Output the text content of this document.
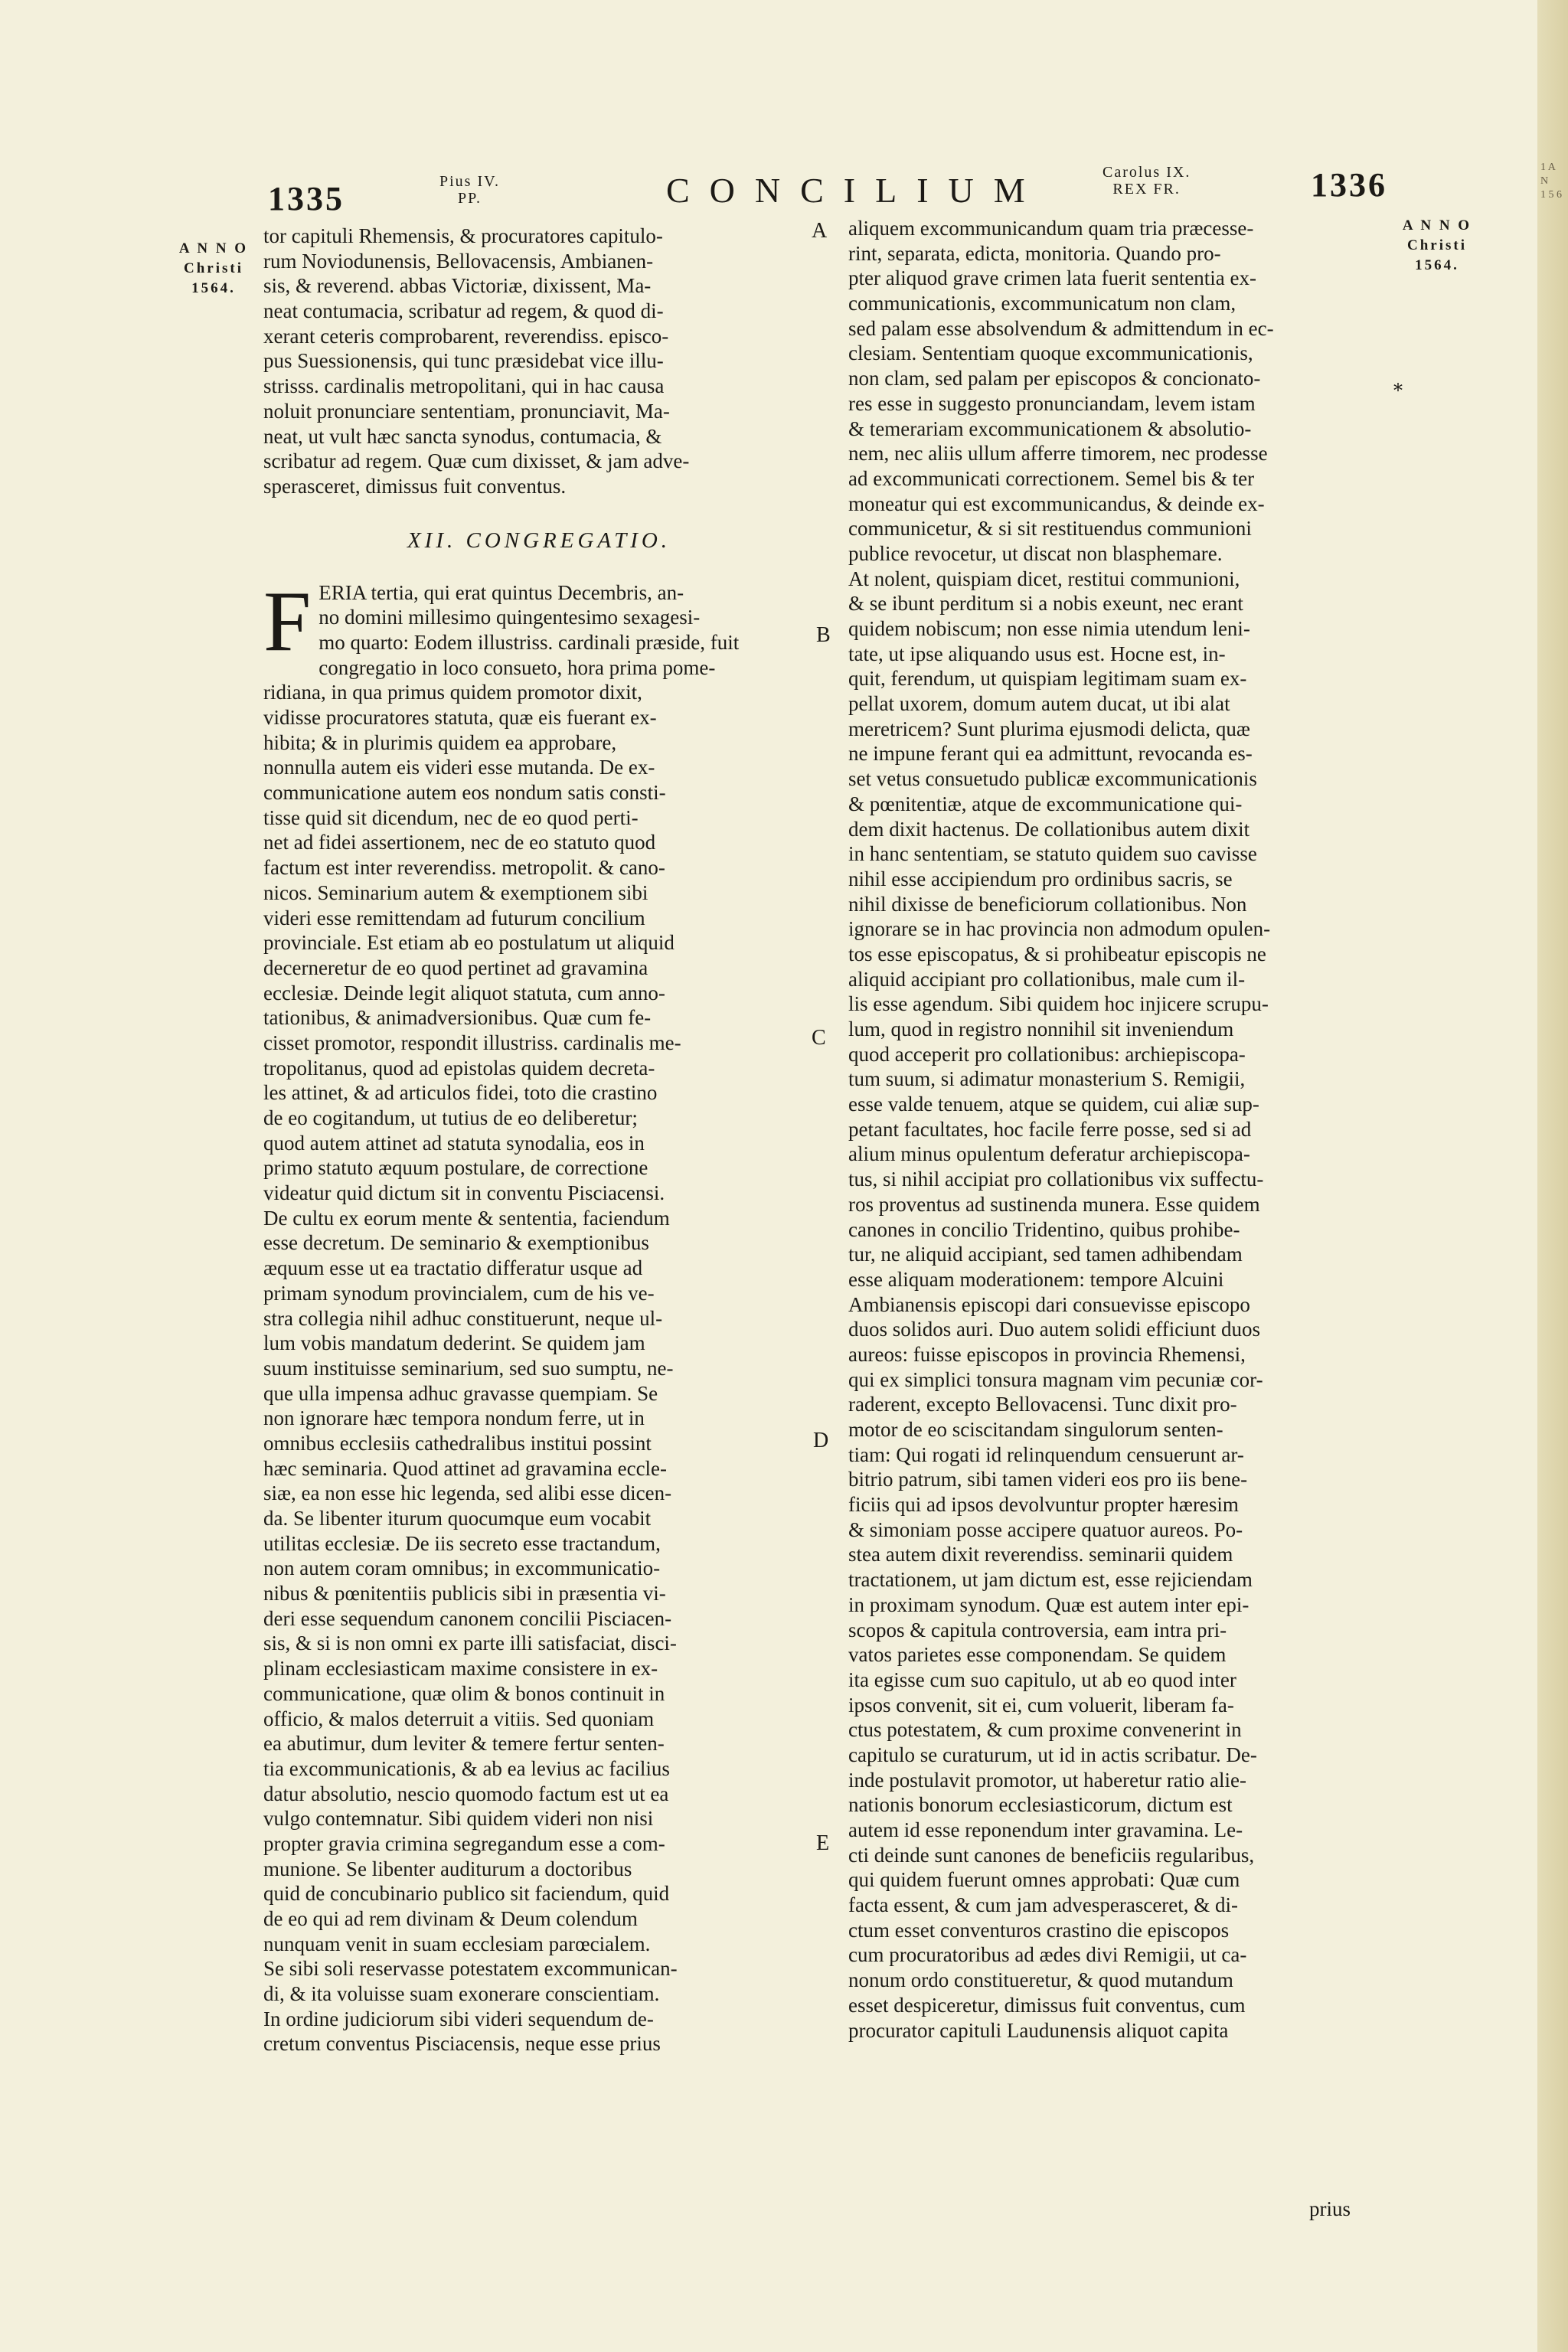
1 A N
1 5 6
1335	Pius IV.
PP.	CONCILIUM	Carolus IX.
REX FR.	1336
A N N O
Christi
1564.
A N N O
Christi
1564.
A
B
C
D
E
*
tor capituli Rhemensis, & procuratores capitulo-
rum Noviodunensis, Bellovacensis, Ambianen-
sis, & reverend. abbas Victoriæ, dixissent, Ma-
neat contumacia, scribatur ad regem, & quod di-
xerant ceteris comprobarent, reverendiss. episco-
pus Suessionensis, qui tunc præsidebat vice illu-
strisss. cardinalis metropolitani, qui in hac causa
noluit pronunciare sententiam, pronunciavit, Ma-
neat, ut vult hæc sancta synodus, contumacia, &
scribatur ad regem. Quæ cum dixisset, & jam adve-
sperasceret, dimissus fuit conventus.
XII. CONGREGATIO.
F ERIA tertia, qui erat quintus Decembris, an-
no domini millesimo quingentesimo sexagesi-
mo quarto: Eodem illustriss. cardinali præside, fuit
congregatio in loco consueto, hora prima pome-
ridiana, in qua primus quidem promotor dixit,
vidisse procuratores statuta, quæ eis fuerant ex-
hibita; & in plurimis quidem ea approbare,
nonnulla autem eis videri esse mutanda. De ex-
communicatione autem eos nondum satis consti-
tisse quid sit dicendum, nec de eo quod perti-
net ad fidei assertionem, nec de eo statuto quod
factum est inter reverendiss. metropolit. & cano-
nicos. Seminarium autem & exemptionem sibi
videri esse remittendam ad futurum concilium
provinciale. Est etiam ab eo postulatum ut aliquid
decerneretur de eo quod pertinet ad gravamina
ecclesiæ. Deinde legit aliquot statuta, cum anno-
tationibus, & animadversionibus. Quæ cum fe-
cisset promotor, respondit illustriss. cardinalis me-
tropolitanus, quod ad epistolas quidem decreta-
les attinet, & ad articulos fidei, toto die crastino
de eo cogitandum, ut tutius de eo deliberetur;
quod autem attinet ad statuta synodalia, eos in
primo statuto æquum postulare, de correctione
videatur quid dictum sit in conventu Pisciacensi.
De cultu ex eorum mente & sententia, faciendum
esse decretum. De seminario & exemptionibus
æquum esse ut ea tractatio differatur usque ad
primam synodum provincialem, cum de his ve-
stra collegia nihil adhuc constituerunt, neque ul-
lum vobis mandatum dederint. Se quidem jam
suum instituisse seminarium, sed suo sumptu, ne-
que ulla impensa adhuc gravasse quempiam. Se
non ignorare hæc tempora nondum ferre, ut in
omnibus ecclesiis cathedralibus institui possint
hæc seminaria. Quod attinet ad gravamina eccle-
siæ, ea non esse hic legenda, sed alibi esse dicen-
da. Se libenter iturum quocumque eum vocabit
utilitas ecclesiæ. De iis secreto esse tractandum,
non autem coram omnibus; in excommunicatio-
nibus & pœnitentiis publicis sibi in præsentia vi-
deri esse sequendum canonem concilii Pisciacen-
sis, & si is non omni ex parte illi satisfaciat, disci-
plinam ecclesiasticam maxime consistere in ex-
communicatione, quæ olim & bonos continuit in
officio, & malos deterruit a vitiis. Sed quoniam
ea abutimur, dum leviter & temere fertur senten-
tia excommunicationis, & ab ea levius ac facilius
datur absolutio, nescio quomodo factum est ut ea
vulgo contemnatur. Sibi quidem videri non nisi
propter gravia crimina segregandum esse a com-
munione. Se libenter auditurum a doctoribus
quid de concubinario publico sit faciendum, quid
de eo qui ad rem divinam & Deum colendum
nunquam venit in suam ecclesiam parœcialem.
Se sibi soli reservasse potestatem excommunican-
di, & ita voluisse suam exonerare conscientiam.
In ordine judiciorum sibi videri sequendum de-
cretum conventus Pisciacensis, neque esse prius
aliquem excommunicandum quam tria præcesse-
rint, separata, edicta, monitoria. Quando pro-
pter aliquod grave crimen lata fuerit sententia ex-
communicationis, excommunicatum non clam,
sed palam esse absolvendum & admittendum in ec-
clesiam. Sententiam quoque excommunicationis,
non clam, sed palam per episcopos & concionato-
res esse in suggesto pronunciandam, levem istam
& temerariam excommunicationem & absolutio-
nem, nec aliis ullum afferre timorem, nec prodesse
ad excommunicati correctionem. Semel bis & ter
moneatur qui est excommunicandus, & deinde ex-
communicetur, & si sit restituendus communioni
publice revocetur, ut discat non blasphemare.
At nolent, quispiam dicet, restitui communioni,
& se ibunt perditum si a nobis exeunt, nec erant
quidem nobiscum; non esse nimia utendum leni-
tate, ut ipse aliquando usus est. Hocne est, in-
quit, ferendum, ut quispiam legitimam suam ex-
pellat uxorem, domum autem ducat, ut ibi alat
meretricem? Sunt plurima ejusmodi delicta, quæ
ne impune ferant qui ea admittunt, revocanda es-
set vetus consuetudo publicæ excommunicationis
& pœnitentiæ, atque de excommunicatione qui-
dem dixit hactenus. De collationibus autem dixit
in hanc sententiam, se statuto quidem suo cavisse
nihil esse accipiendum pro ordinibus sacris, se
nihil dixisse de beneficiorum collationibus. Non
ignorare se in hac provincia non admodum opulen-
tos esse episcopatus, & si prohibeatur episcopis ne
aliquid accipiant pro collationibus, male cum il-
lis esse agendum. Sibi quidem hoc injicere scrupu-
lum, quod in registro nonnihil sit inveniendum
quod acceperit pro collationibus: archiepiscopa-
tum suum, si adimatur monasterium S. Remigii,
esse valde tenuem, atque se quidem, cui aliæ sup-
petant facultates, hoc facile ferre posse, sed si ad
alium minus opulentum deferatur archiepiscopa-
tus, si nihil accipiat pro collationibus vix suffectu-
ros proventus ad sustinenda munera. Esse quidem
canones in concilio Tridentino, quibus prohibe-
tur, ne aliquid accipiant, sed tamen adhibendam
esse aliquam moderationem: tempore Alcuini
Ambianensis episcopi dari consuevisse episcopo
duos solidos auri. Duo autem solidi efficiunt duos
aureos: fuisse episcopos in provincia Rhemensi,
qui ex simplici tonsura magnam vim pecuniæ cor-
raderent, excepto Bellovacensi. Tunc dixit pro-
motor de eo sciscitandam singulorum senten-
tiam: Qui rogati id relinquendum censuerunt ar-
bitrio patrum, sibi tamen videri eos pro iis bene-
ficiis qui ad ipsos devolvuntur propter hæresim
& simoniam posse accipere quatuor aureos. Po-
stea autem dixit reverendiss. seminarii quidem
tractationem, ut jam dictum est, esse rejiciendam
in proximam synodum. Quæ est autem inter epi-
scopos & capitula controversia, eam intra pri-
vatos parietes esse componendam. Se quidem
ita egisse cum suo capitulo, ut ab eo quod inter
ipsos convenit, sit ei, cum voluerit, liberam fa-
ctus potestatem, & cum proxime convenerint in
capitulo se curaturum, ut id in actis scribatur. De-
inde postulavit promotor, ut haberetur ratio alie-
nationis bonorum ecclesiasticorum, dictum est
autem id esse reponendum inter gravamina. Le-
cti deinde sunt canones de beneficiis regularibus,
qui quidem fuerunt omnes approbati: Quæ cum
facta essent, & cum jam advesperasceret, & di-
ctum esset conventuros crastino die episcopos
cum procuratoribus ad ædes divi Remigii, ut ca-
nonum ordo constitueretur, & quod mutandum
esset despiceretur, dimissus fuit conventus, cum
procurator capituli Laudunensis aliquot capita
prius
